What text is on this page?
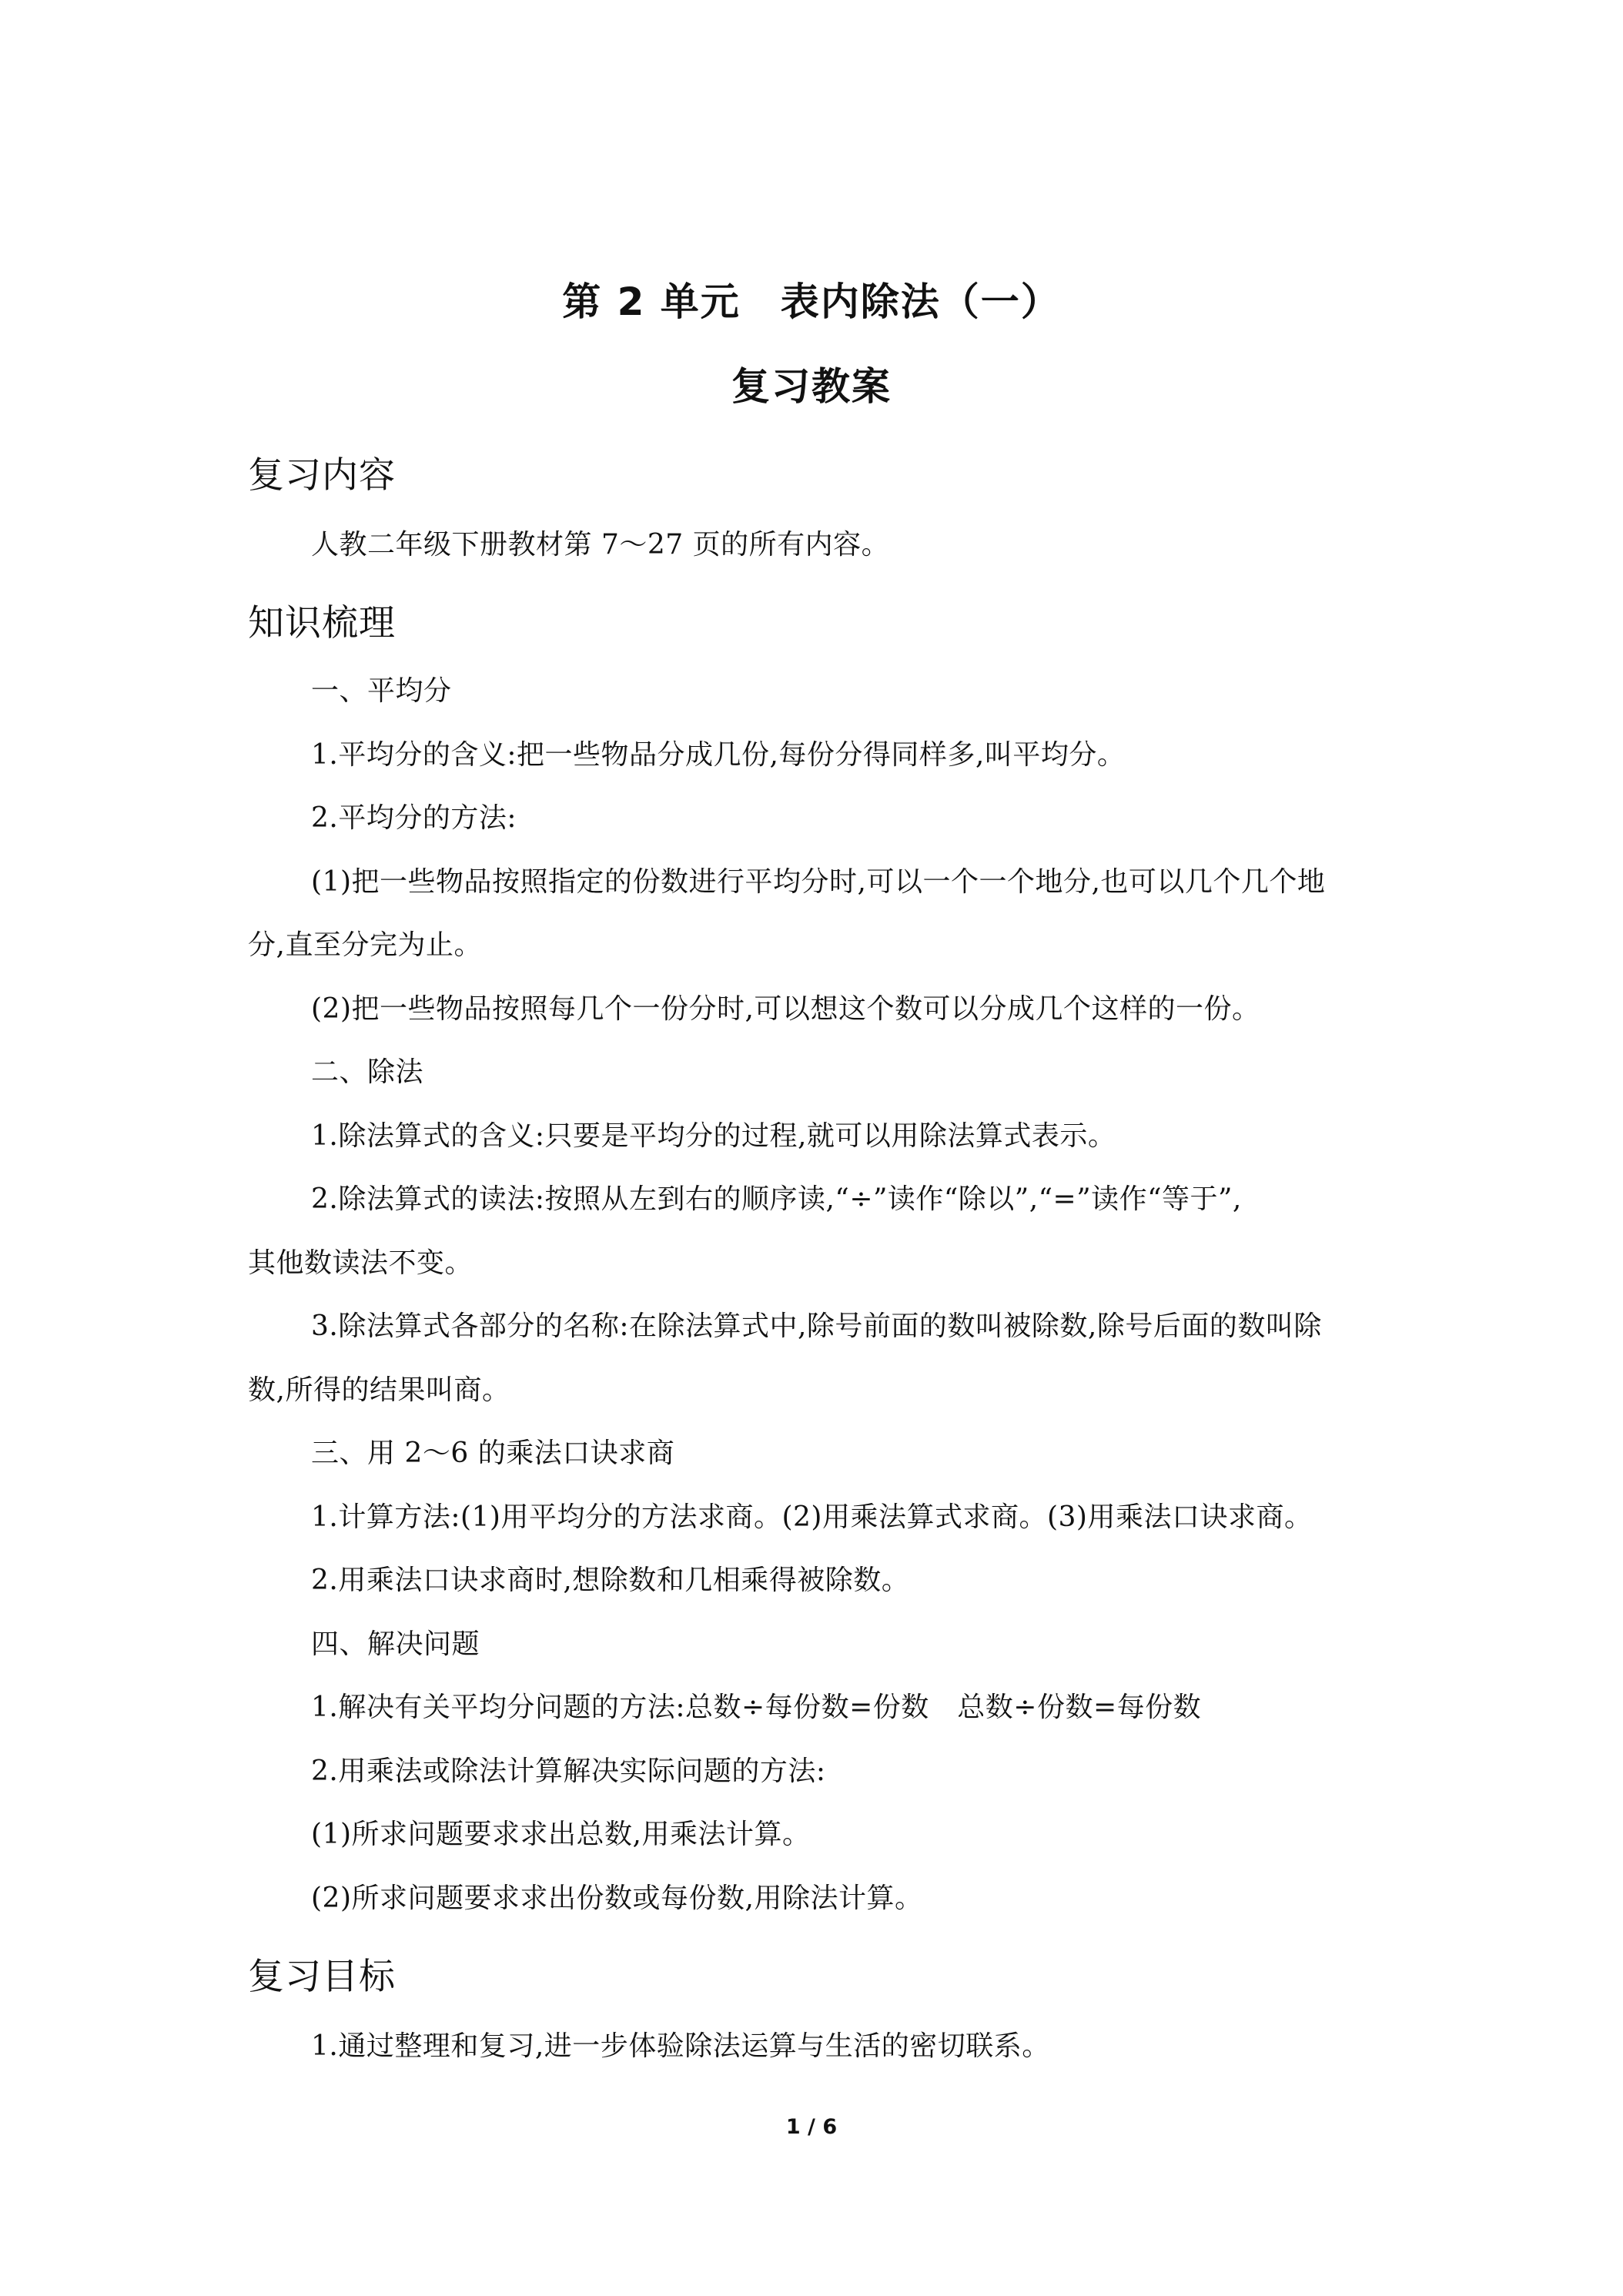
第 2 单元　表内除法（一）
复习教案
复习内容
人教二年级下册教材第 7～27 页的所有内容。
知识梳理
一、平均分
1.平均分的含义:把一些物品分成几份,每份分得同样多,叫平均分。
2.平均分的方法:
(1)把一些物品按照指定的份数进行平均分时,可以一个一个地分,也可以几个几个地
分,直至分完为止。
(2)把一些物品按照每几个一份分时,可以想这个数可以分成几个这样的一份。
二、除法
1.除法算式的含义:只要是平均分的过程,就可以用除法算式表示。
2.除法算式的读法:按照从左到右的顺序读,“÷”读作“除以”,“=”读作“等于”,
其他数读法不变。
3.除法算式各部分的名称:在除法算式中,除号前面的数叫被除数,除号后面的数叫除
数,所得的结果叫商。
三、用 2～6 的乘法口诀求商
1.计算方法:(1)用平均分的方法求商。(2)用乘法算式求商。(3)用乘法口诀求商。
2.用乘法口诀求商时,想除数和几相乘得被除数。
四、解决问题
1.解决有关平均分问题的方法:总数÷每份数=份数　总数÷份数=每份数
2.用乘法或除法计算解决实际问题的方法:
(1)所求问题要求求出总数,用乘法计算。
(2)所求问题要求求出份数或每份数,用除法计算。
复习目标
1.通过整理和复习,进一步体验除法运算与生活的密切联系。
1 / 6
